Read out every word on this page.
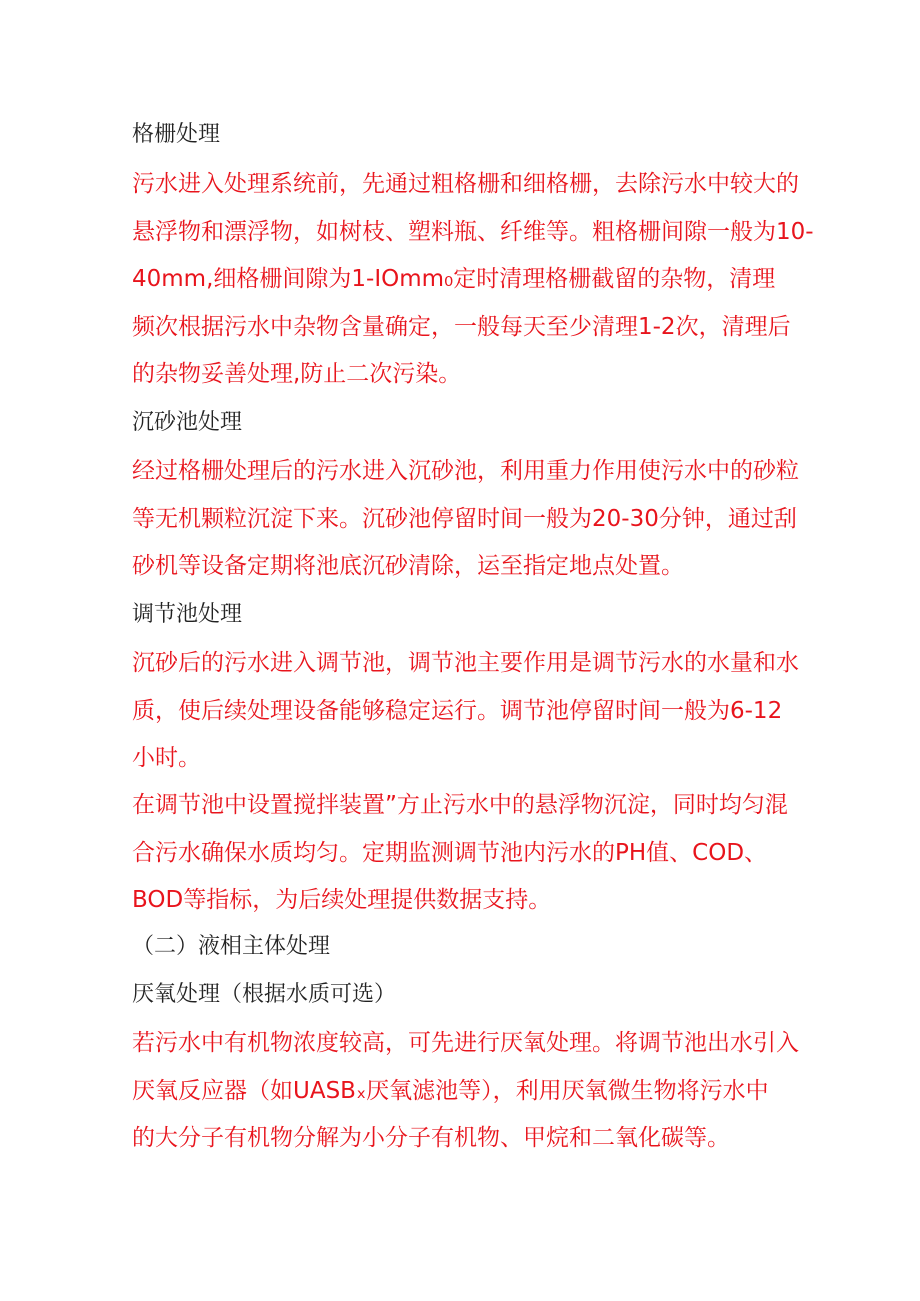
格栅处理

污水进入处理系统前，先通过粗格栅和细格栅，去除污水中较大的
悬浮物和漂浮物，如树枝、塑料瓶、纤维等。粗格栅间隙一般为10-
40mm,细格栅间隙为1-IOmm₀定时清理格栅截留的杂物，清理
频次根据污水中杂物含量确定，一般每天至少清理1-2次，清理后
的杂物妥善处理,防止二次污染。

沉砂池处理

经过格栅处理后的污水进入沉砂池，利用重力作用使污水中的砂粒
等无机颗粒沉淀下来。沉砂池停留时间一般为20-30分钟，通过刮
砂机等设备定期将池底沉砂清除，运至指定地点处置。

调节池处理

沉砂后的污水进入调节池，调节池主要作用是调节污水的水量和水
质，使后续处理设备能够稳定运行。调节池停留时间一般为6-12
小时。

在调节池中设置搅拌装置”方止污水中的悬浮物沉淀，同时均匀混
合污水确保水质均匀。定期监测调节池内污水的PH值、COD、
BOD等指标，为后续处理提供数据支持。

（二）液相主体处理
厌氧处理（根据水质可选）

若污水中有机物浓度较高，可先进行厌氧处理。将调节池出水引入
厌氧反应器（如UASBₓ厌氧滤池等），利用厌氧微生物将污水中
的大分子有机物分解为小分子有机物、甲烷和二氧化碳等。
